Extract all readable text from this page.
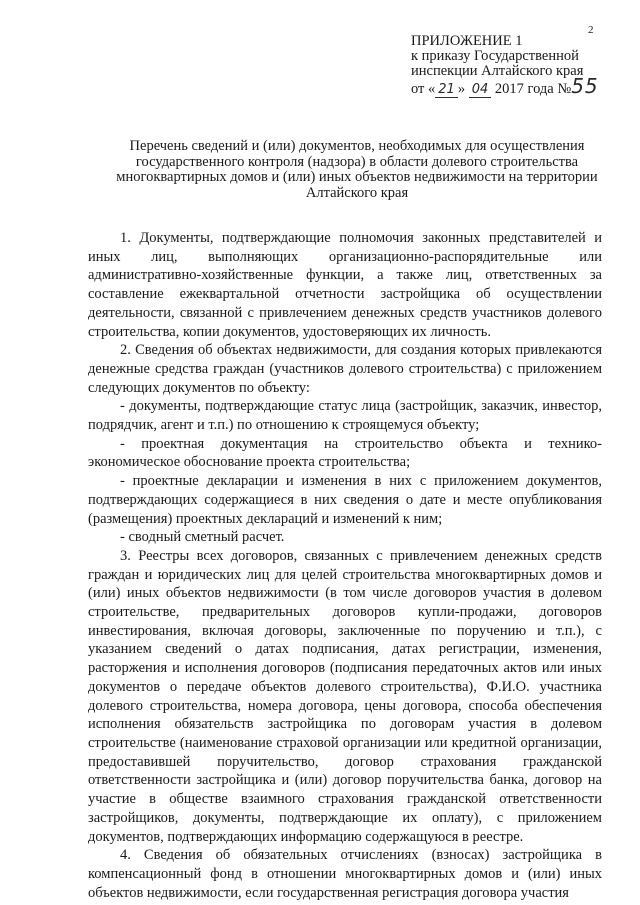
2
ПРИЛОЖЕНИЕ 1
к приказу Государственной
инспекции Алтайского края
от « 21 » 04 2017 года №55
Перечень сведений и (или) документов, необходимых для осуществления государственного контроля (надзора) в области долевого строительства многоквартирных домов и (или) иных объектов недвижимости на территории Алтайского края

1. Документы, подтверждающие полномочия законных представителей и иных лиц, выполняющих организационно-распорядительные или административно-хозяйственные функции, а также лиц, ответственных за составление ежеквартальной отчетности застройщика об осуществлении деятельности, связанной с привлечением денежных средств участников долевого строительства, копии документов, удостоверяющих их личность.

2. Сведения об объектах недвижимости, для создания которых привлекаются денежные средства граждан (участников долевого строительства) с приложением следующих документов по объекту:

- документы, подтверждающие статус лица (застройщик, заказчик, инвестор, подрядчик, агент и т.п.) по отношению к строящемуся объекту;

- проектная документация на строительство объекта и технико-экономическое обоснование проекта строительства;

- проектные декларации и изменения в них с приложением документов, подтверждающих содержащиеся в них сведения о дате и месте опубликования (размещения) проектных деклараций и изменений к ним;

- сводный сметный расчет.

3. Реестры всех договоров, связанных с привлечением денежных средств граждан и юридических лиц для целей строительства многоквартирных домов и (или) иных объектов недвижимости (в том числе договоров участия в долевом строительстве, предварительных договоров купли-продажи, договоров инвестирования, включая договоры, заключенные по поручению и т.п.), с указанием сведений о датах подписания, датах регистрации, изменения, расторжения и исполнения договоров (подписания передаточных актов или иных документов о передаче объектов долевого строительства), Ф.И.О. участника долевого строительства, номера договора, цены договора, способа обеспечения исполнения обязательств застройщика по договорам участия в долевом строительстве (наименование страховой организации или кредитной организации, предоставившей поручительство, договор страхования гражданской ответственности застройщика и (или) договор поручительства банка, договор на участие в обществе взаимного страхования гражданской ответственности застройщиков, документы, подтверждающие их оплату), с приложением документов, подтверждающих информацию содержащуюся в реестре.

4. Сведения об обязательных отчислениях (взносах) застройщика в компенсационный фонд в отношении многоквартирных домов и (или) иных объектов недвижимости, если государственная регистрация договора участия
